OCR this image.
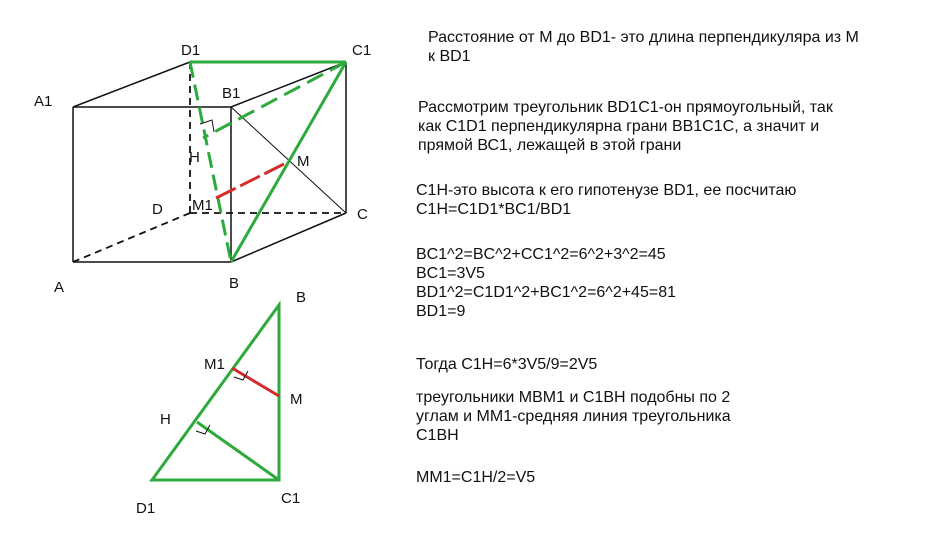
D1	C1
A1	B1
H	M
D M1
C
A	B
B
M1
M
H
D1
C1
Расстояние от М до BD1- это длина перпендикуляра из М
к BD1
Рассмотрим треугольник BD1C1-он прямоугольный, так
как С1D1 перпендикулярна грани BB1C1C, а значит и
прямой ВС1, лежащей в этой грани
С1Н-это высота к его гипотенузе BD1, ее посчитаю
С1Н=С1D1*BC1/BD1
BC1^2=BC^2+CC1^2=6^2+3^2=45
BC1=3V5
BD1^2=C1D1^2+BC1^2=6^2+45=81
BD1=9
Тогда С1Н=6*3V5/9=2V5
треугольники МВМ1 и С1ВН подобны по 2
углам и ММ1-средняя линия треугольника
С1ВН
ММ1=С1Н/2=V5
